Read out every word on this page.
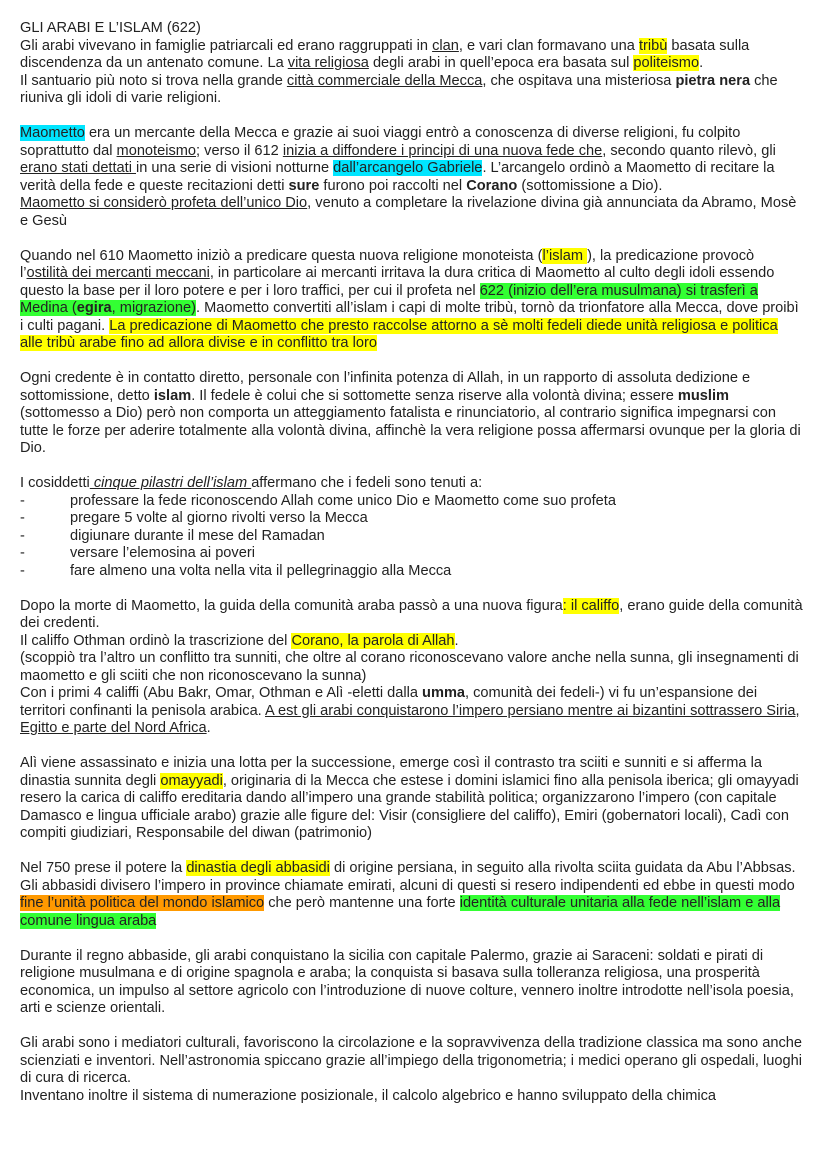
GLI ARABI E L’ISLAM (622)

Gli arabi vivevano in famiglie patriarcali ed erano raggruppati in clan, e vari clan formavano una tribù basata sulla discendenza da un antenato comune. La vita religiosa degli arabi in quell’epoca era basata sul politeismo.
Il santuario più noto si trova nella grande città commerciale della Mecca, che ospitava una misteriosa pietra nera che riuniva gli idoli di varie religioni.

Maometto era un mercante della Mecca e grazie ai suoi viaggi entrò a conoscenza di diverse religioni, fu colpito soprattutto dal monoteismo; verso il 612 inizia a diffondere i principi di una nuova fede che, secondo quanto rilevò, gli erano stati dettati in una serie di visioni notturne dall’arcangelo Gabriele. L’arcangelo ordinò a Maometto di recitare la verità della fede e queste recitazioni detti sure furono poi raccolti nel Corano (sottomissione a Dio).
Maometto si considerò profeta dell’unico Dio, venuto a completare la rivelazione divina già annunciata da Abramo, Mosè e Gesù

Quando nel 610 Maometto iniziò a predicare questa nuova religione monoteista (l’islam ), la predicazione provocò l’ostilità dei mercanti meccani, in particolare ai mercanti irritava la dura critica di Maometto al culto degli idoli essendo questo la base per il loro potere e per i loro traffici, per cui il profeta nel 622 (inizio dell’era musulmana) si trasferì a Medina (egira, migrazione). Maometto convertiti all’islam i capi di molte tribù, tornò da trionfatore alla Mecca, dove proibì i culti pagani. La predicazione di Maometto che presto raccolse attorno a sè molti fedeli diede unità religiosa e politica alle tribù arabe fino ad allora divise e in conflitto tra loro

Ogni credente è in contatto diretto, personale con l’infinita potenza di Allah, in un rapporto di assoluta dedizione e sottomissione, detto islam. Il fedele è colui che si sottomette senza riserve alla volontà divina; essere muslim (sottomesso a Dio) però non comporta un atteggiamento fatalista e rinunciatorio, al contrario significa impegnarsi con tutte le forze per aderire totalmente alla volontà divina, affinchè la vera religione possa affermarsi ovunque per la gloria di Dio.

I cosiddetti cinque pilastri dell’islam affermano che i fedeli sono tenuti a:

-	professare la fede riconoscendo Allah come unico Dio e Maometto come suo profeta
-	pregare 5 volte al giorno rivolti verso la Mecca
-	digiunare durante il mese del Ramadan
-	versare l’elemosina ai poveri
-	fare almeno una volta nella vita il pellegrinaggio alla Mecca

Dopo la morte di Maometto, la guida della comunità araba passò a una nuova figura: il califfo, erano guide della comunità dei credenti.
Il califfo Othman ordinò la trascrizione del Corano, la parola di Allah.
(scoppiò tra l’altro un conflitto tra sunniti, che oltre al corano riconoscevano valore anche nella sunna, gli insegnamenti di maometto e gli sciiti che non riconoscevano la sunna)
Con i primi 4 califfi (Abu Bakr, Omar, Othman e Alì -eletti dalla umma, comunità dei fedeli-) vi fu un’espansione dei territori confinanti la penisola arabica. A est gli arabi conquistarono l’impero persiano mentre ai bizantini sottrassero Siria, Egitto e parte del Nord Africa.

Alì viene assassinato e inizia una lotta per la successione, emerge così il contrasto tra sciiti e sunniti e si afferma la dinastia sunnita degli omayyadi, originaria di la Mecca che estese i domini islamici fino alla penisola iberica; gli omayyadi resero la carica di califfo ereditaria dando all’impero una grande stabilità politica; organizzarono l’impero (con capitale Damasco e lingua ufficiale arabo) grazie alle figure del: Visir (consigliere del califfo), Emiri (gobernatori locali), Cadì con compiti giudiziari, Responsabile del diwan (patrimonio)

Nel 750 prese il potere la dinastia degli abbasidi di origine persiana, in seguito alla rivolta sciita guidata da Abu l’Abbsas. Gli abbasidi divisero l’impero in province chiamate emirati, alcuni di questi si resero indipendenti ed ebbe in questi modo fine l’unità politica del mondo islamico che però mantenne una forte identità culturale unitaria alla fede nell’islam e alla comune lingua araba

Durante il regno abbaside, gli arabi conquistano la sicilia con capitale Palermo, grazie ai Saraceni: soldati e pirati di religione musulmana e di origine spagnola e araba; la conquista si basava sulla tolleranza religiosa, una prosperità economica, un impulso al settore agricolo con l’introduzione di nuove colture, vennero inoltre introdotte nell’isola poesia, arti e scienze orientali.

Gli arabi sono i mediatori culturali, favoriscono la circolazione e la sopravvivenza della tradizione classica ma sono anche scienziati e inventori. Nell’astronomia spiccano grazie all’impiego della trigonometria; i medici operano gli ospedali, luoghi di cura di ricerca.
Inventano inoltre il sistema di numerazione posizionale, il calcolo algebrico e hanno sviluppato della chimica
